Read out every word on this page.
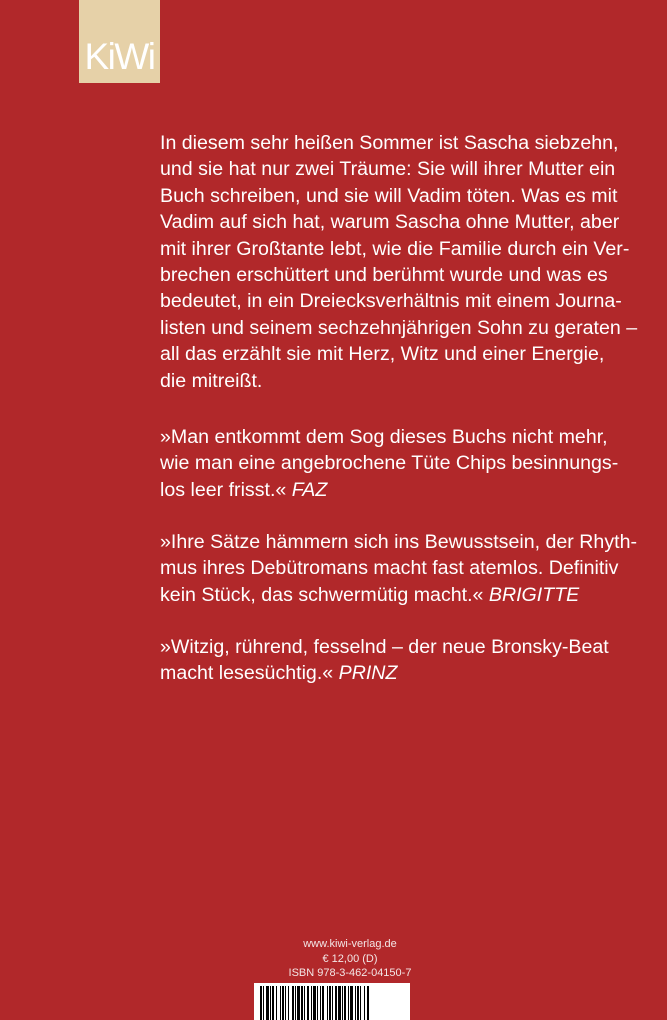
KiWi

In diesem sehr heißen Sommer ist Sascha siebzehn,
und sie hat nur zwei Träume: Sie will ihrer Mutter ein
Buch schreiben, und sie will Vadim töten. Was es mit
Vadim auf sich hat, warum Sascha ohne Mutter, aber
mit ihrer Großtante lebt, wie die Familie durch ein Ver-
brechen erschüttert und berühmt wurde und was es
bedeutet, in ein Dreiecksverhältnis mit einem Journa-
listen und seinem sechzehnjährigen Sohn zu geraten –
all das erzählt sie mit Herz, Witz und einer Energie,
die mitreißt.

»Man entkommt dem Sog dieses Buchs nicht mehr,
wie man eine angebrochene Tüte Chips besinnungs-
los leer frisst.« FAZ

»Ihre Sätze hämmern sich ins Bewusstsein, der Rhyth-
mus ihres Debütromans macht fast atemlos. Definitiv
kein Stück, das schwermütig macht.« BRIGITTE

»Witzig, rührend, fesselnd – der neue Bronsky-Beat
macht lesesüchtig.« PRINZ

www.kiwi-verlag.de
€ 12,00 (D)
ISBN 978-3-462-04150-7
